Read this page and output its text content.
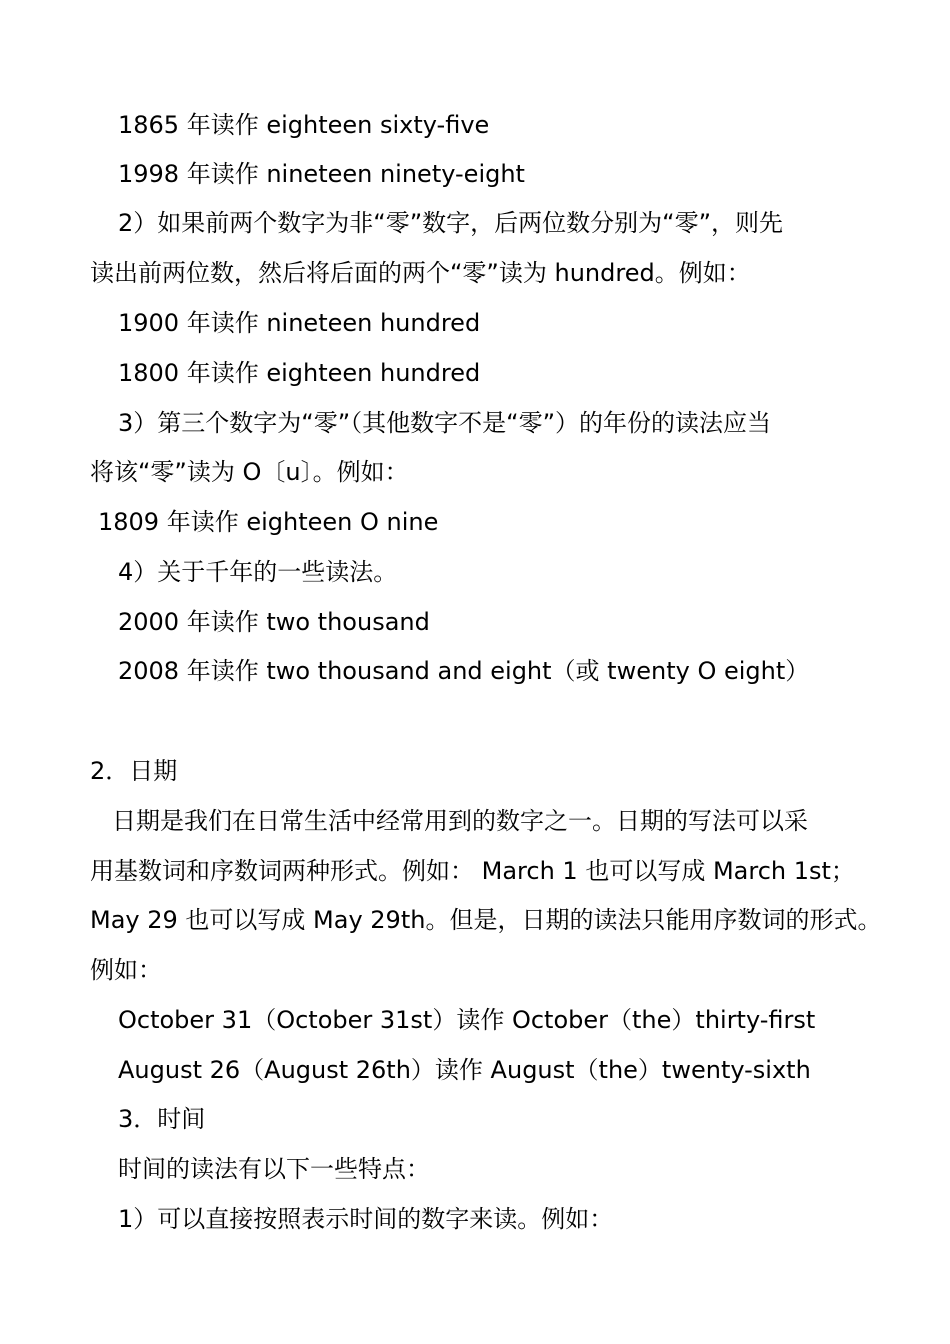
1865 年读作 eighteen sixty-five
1998 年读作 nineteen ninety-eight
2）如果前两个数字为非“零”数字，后两位数分别为“零”，则先
读出前两位数，然后将后面的两个“零”读为 hundred。例如：
1900 年读作 nineteen hundred
1800 年读作 eighteen hundred
3）第三个数字为“零”（其他数字不是“零”）的年份的读法应当
将该“零”读为 O〔u〕。例如：
1809 年读作 eighteen O nine
4）关于千年的一些读法。
2000 年读作 two thousand
2008 年读作 two thousand and eight（或 twenty O eight）
2．日期
日期是我们在日常生活中经常用到的数字之一。日期的写法可以采
用基数词和序数词两种形式。例如： March 1 也可以写成 March 1st；
May 29 也可以写成 May 29th。但是，日期的读法只能用序数词的形式。
例如：
October 31（October 31st）读作 October（the）thirty-first
August 26（August 26th）读作 August（the）twenty-sixth
3．时间
时间的读法有以下一些特点：
1）可以直接按照表示时间的数字来读。例如：
